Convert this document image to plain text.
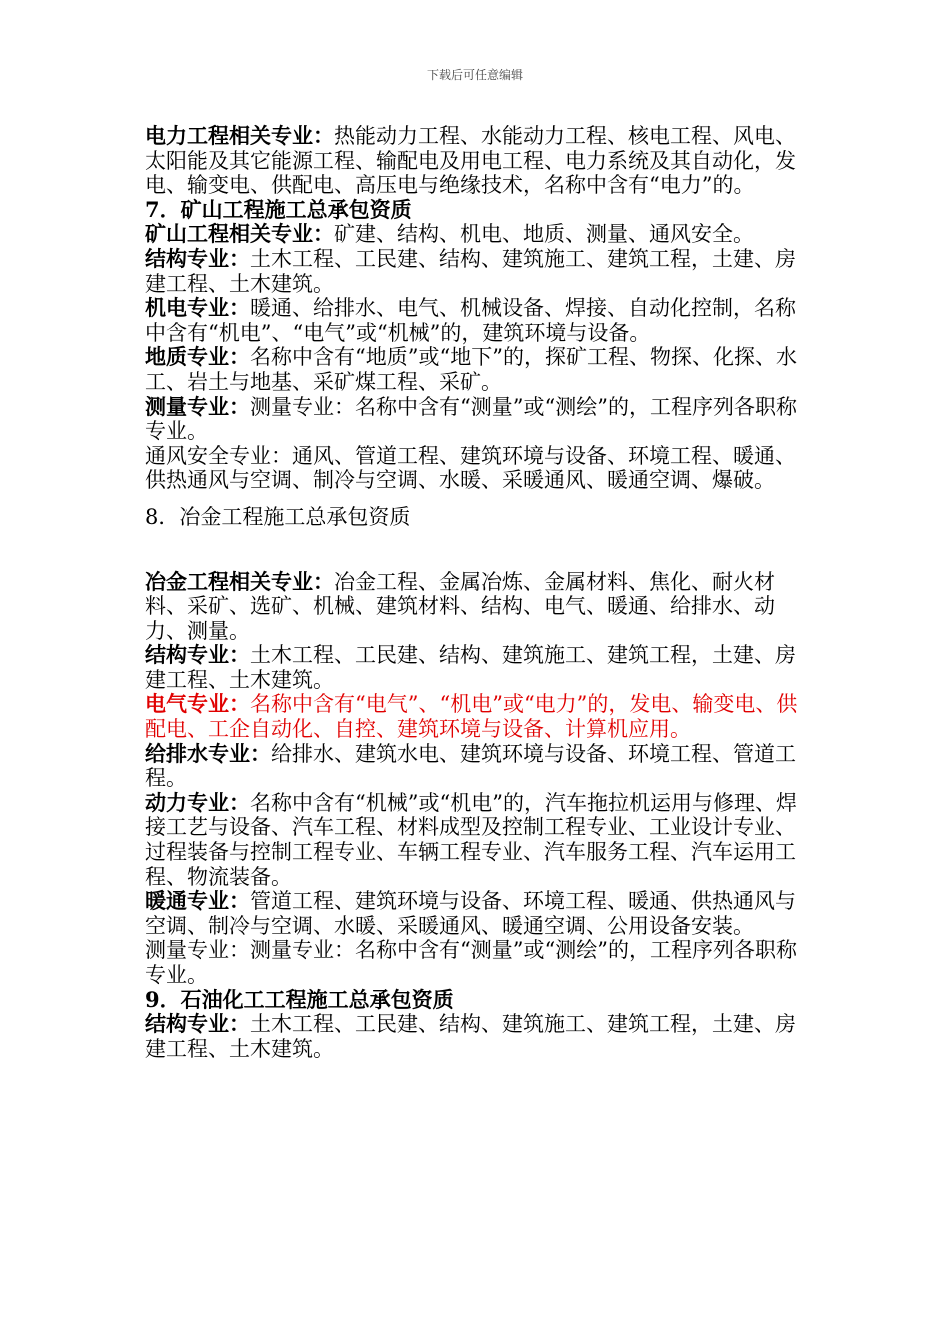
下载后可任意编辑

电力工程相关专业：热能动力工程、水能动力工程、核电工程、风电、太阳能及其它能源工程、输配电及用电工程、电力系统及其自动化，发电、输变电、供配电、高压电与绝缘技术，名称中含有“电力”的。

7．矿山工程施工总承包资质

矿山工程相关专业：矿建、结构、机电、地质、测量、通风安全。

结构专业：土木工程、工民建、结构、建筑施工、建筑工程，土建、房建工程、土木建筑。

机电专业：暖通、给排水、电气、机械设备、焊接、自动化控制，名称中含有“机电”、“电气”或“机械”的，建筑环境与设备。

地质专业：名称中含有“地质”或“地下”的，探矿工程、物探、化探、水工、岩土与地基、采矿煤工程、采矿。

测量专业：测量专业：名称中含有“测量”或“测绘”的，工程序列各职称专业。

通风安全专业：通风、管道工程、建筑环境与设备、环境工程、暖通、供热通风与空调、制冷与空调、水暖、采暖通风、暖通空调、爆破。

8．冶金工程施工总承包资质

冶金工程相关专业：冶金工程、金属冶炼、金属材料、焦化、耐火材料、采矿、选矿、机械、建筑材料、结构、电气、暖通、给排水、动力、测量。

结构专业：土木工程、工民建、结构、建筑施工、建筑工程，土建、房建工程、土木建筑。

电气专业：名称中含有“电气”、“机电”或“电力”的，发电、输变电、供配电、工企自动化、自控、建筑环境与设备、计算机应用。

给排水专业：给排水、建筑水电、建筑环境与设备、环境工程、管道工程。

动力专业：名称中含有“机械”或“机电”的，汽车拖拉机运用与修理、焊接工艺与设备、汽车工程、材料成型及控制工程专业、工业设计专业、过程装备与控制工程专业、车辆工程专业、汽车服务工程、汽车运用工程、物流装备。

暖通专业：管道工程、建筑环境与设备、环境工程、暖通、供热通风与空调、制冷与空调、水暖、采暖通风、暖通空调、公用设备安装。

测量专业：测量专业：名称中含有“测量”或“测绘”的，工程序列各职称专业。

9．石油化工工程施工总承包资质

结构专业：土木工程、工民建、结构、建筑施工、建筑工程，土建、房建工程、土木建筑。
